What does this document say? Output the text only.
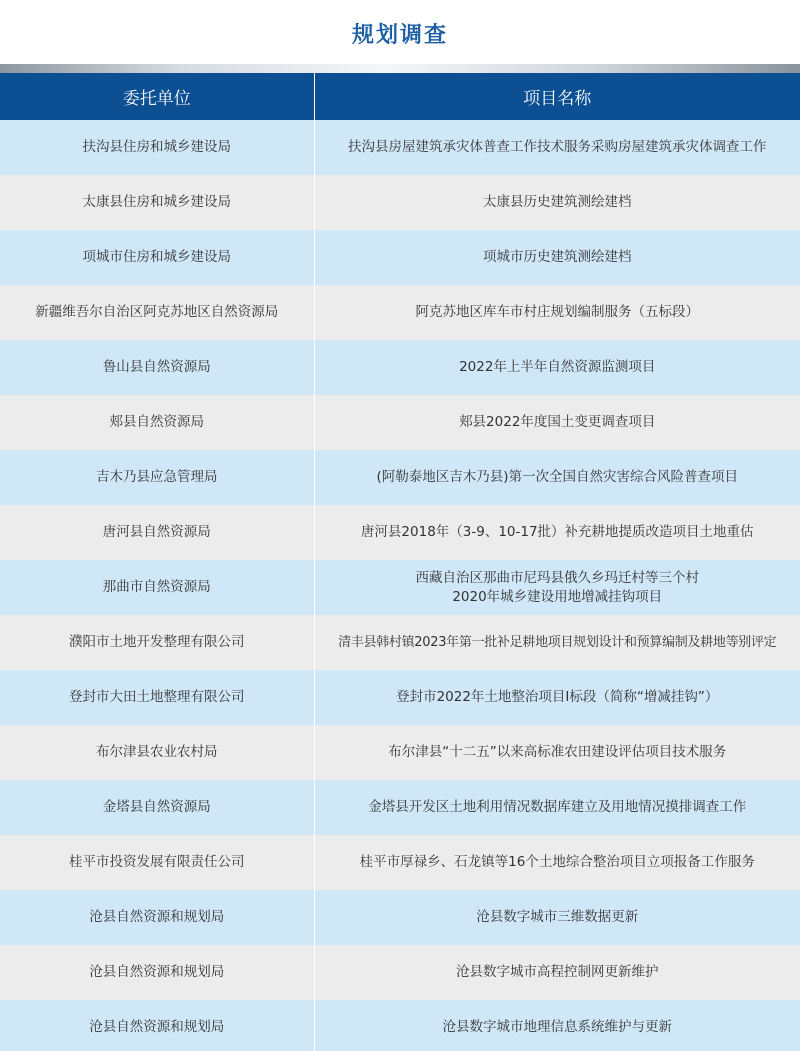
规划调查
委托单位	项目名称
扶沟县住房和城乡建设局	扶沟县房屋建筑承灾体普查工作技术服务采购房屋建筑承灾体调查工作
太康县住房和城乡建设局	太康县历史建筑测绘建档
项城市住房和城乡建设局	项城市历史建筑测绘建档
新疆维吾尔自治区阿克苏地区自然资源局	阿克苏地区库车市村庄规划编制服务（五标段）
鲁山县自然资源局	2022年上半年自然资源监测项目
郏县自然资源局	郏县2022年度国土变更调查项目
吉木乃县应急管理局	(阿勒泰地区吉木乃县)第一次全国自然灾害综合风险普查项目
唐河县自然资源局	唐河县2018年（3-9、10-17批）补充耕地提质改造项目土地重估
那曲市自然资源局	西藏自治区那曲市尼玛县俄久乡玛迁村等三个村
2020年城乡建设用地增减挂钩项目

濮阳市土地开发整理有限公司	清丰县韩村镇2023年第一批补足耕地项目规划设计和预算编制及耕地等别评定
登封市大田土地整理有限公司	登封市2022年土地整治项目Ⅰ标段（简称“增减挂钩”）
布尔津县农业农村局	布尔津县“十二五”以来高标准农田建设评估项目技术服务
金塔县自然资源局	金塔县开发区土地利用情况数据库建立及用地情况摸排调查工作
桂平市投资发展有限责任公司	桂平市厚禄乡、石龙镇等16个土地综合整治项目立项报备工作服务
沧县自然资源和规划局	沧县数字城市三维数据更新
沧县自然资源和规划局	沧县数字城市高程控制网更新维护
沧县自然资源和规划局	沧县数字城市地理信息系统维护与更新
